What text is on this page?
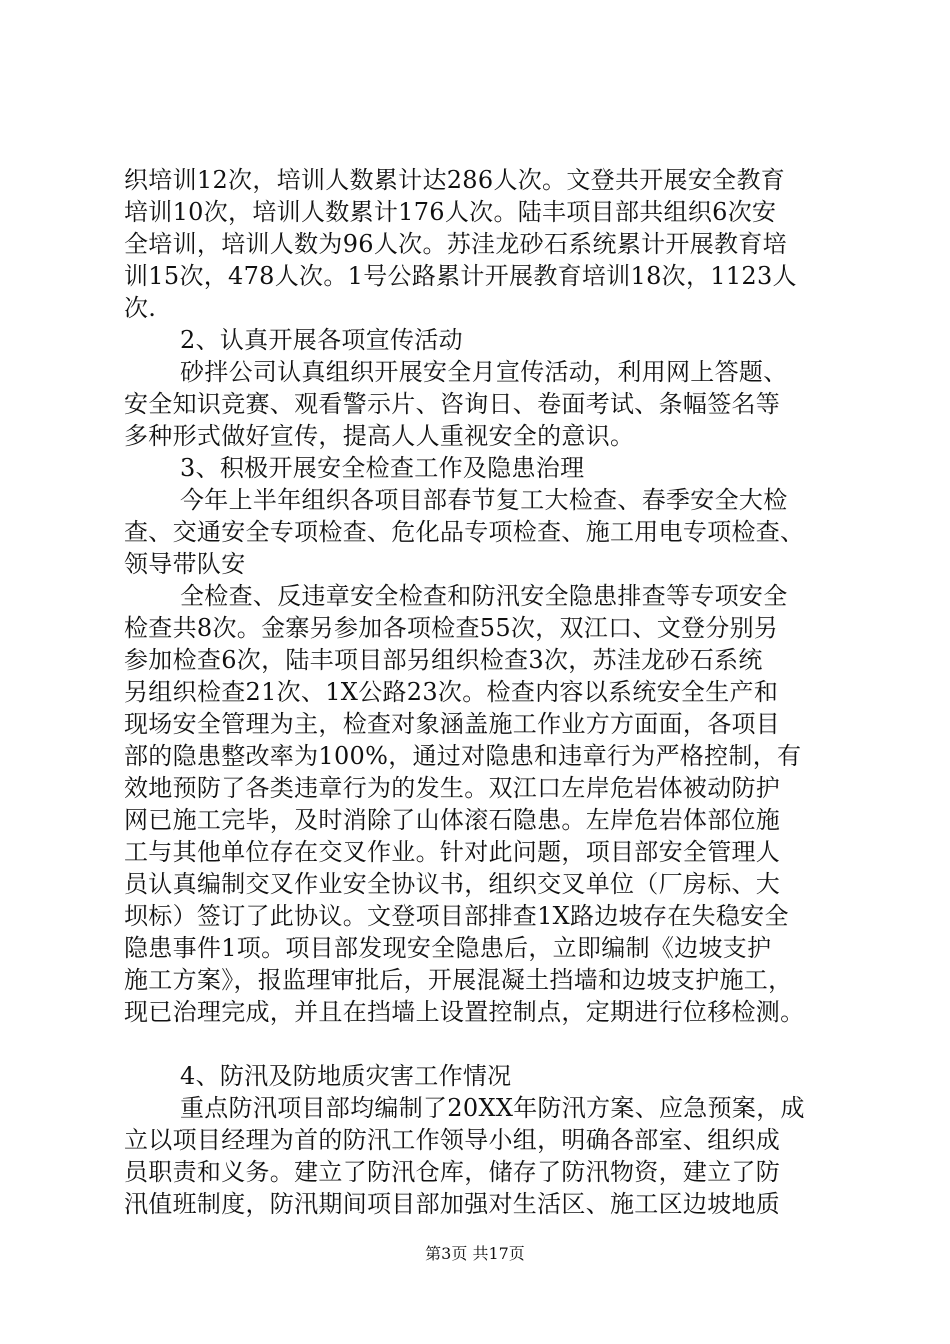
织培训12次，培训人数累计达286人次。文登共开展安全教育
培训10次，培训人数累计176人次。陆丰项目部共组织6次安
全培训，培训人数为96人次。苏洼龙砂石系统累计开展教育培
训15次，478人次。1号公路累计开展教育培训18次，1123人
次.
2、认真开展各项宣传活动
砂拌公司认真组织开展安全月宣传活动，利用网上答题、
安全知识竞赛、观看警示片、咨询日、卷面考试、条幅签名等
多种形式做好宣传，提高人人重视安全的意识。
3、积极开展安全检查工作及隐患治理
今年上半年组织各项目部春节复工大检查、春季安全大检
查、交通安全专项检查、危化品专项检查、施工用电专项检查、
领导带队安
全检查、反违章安全检查和防汛安全隐患排查等专项安全
检查共8次。金寨另参加各项检查55次，双江口、文登分别另
参加检查6次，陆丰项目部另组织检查3次，苏洼龙砂石系统
另组织检查21次、1X公路23次。检查内容以系统安全生产和
现场安全管理为主，检查对象涵盖施工作业方方面面，各项目
部的隐患整改率为100%，通过对隐患和违章行为严格控制，有
效地预防了各类违章行为的发生。双江口左岸危岩体被动防护
网已施工完毕，及时消除了山体滚石隐患。左岸危岩体部位施
工与其他单位存在交叉作业。针对此问题，项目部安全管理人
员认真编制交叉作业安全协议书，组织交叉单位（厂房标、大
坝标）签订了此协议。文登项目部排查1X路边坡存在失稳安全
隐患事件1项。项目部发现安全隐患后，立即编制《边坡支护
施工方案》，报监理审批后，开展混凝土挡墙和边坡支护施工，
现已治理完成，并且在挡墙上设置控制点，定期进行位移检测。
4、防汛及防地质灾害工作情况
重点防汛项目部均编制了20XX年防汛方案、应急预案，成
立以项目经理为首的防汛工作领导小组，明确各部室、组织成
员职责和义务。建立了防汛仓库，储存了防汛物资，建立了防
汛值班制度，防汛期间项目部加强对生活区、施工区边坡地质
第3页 共17页
